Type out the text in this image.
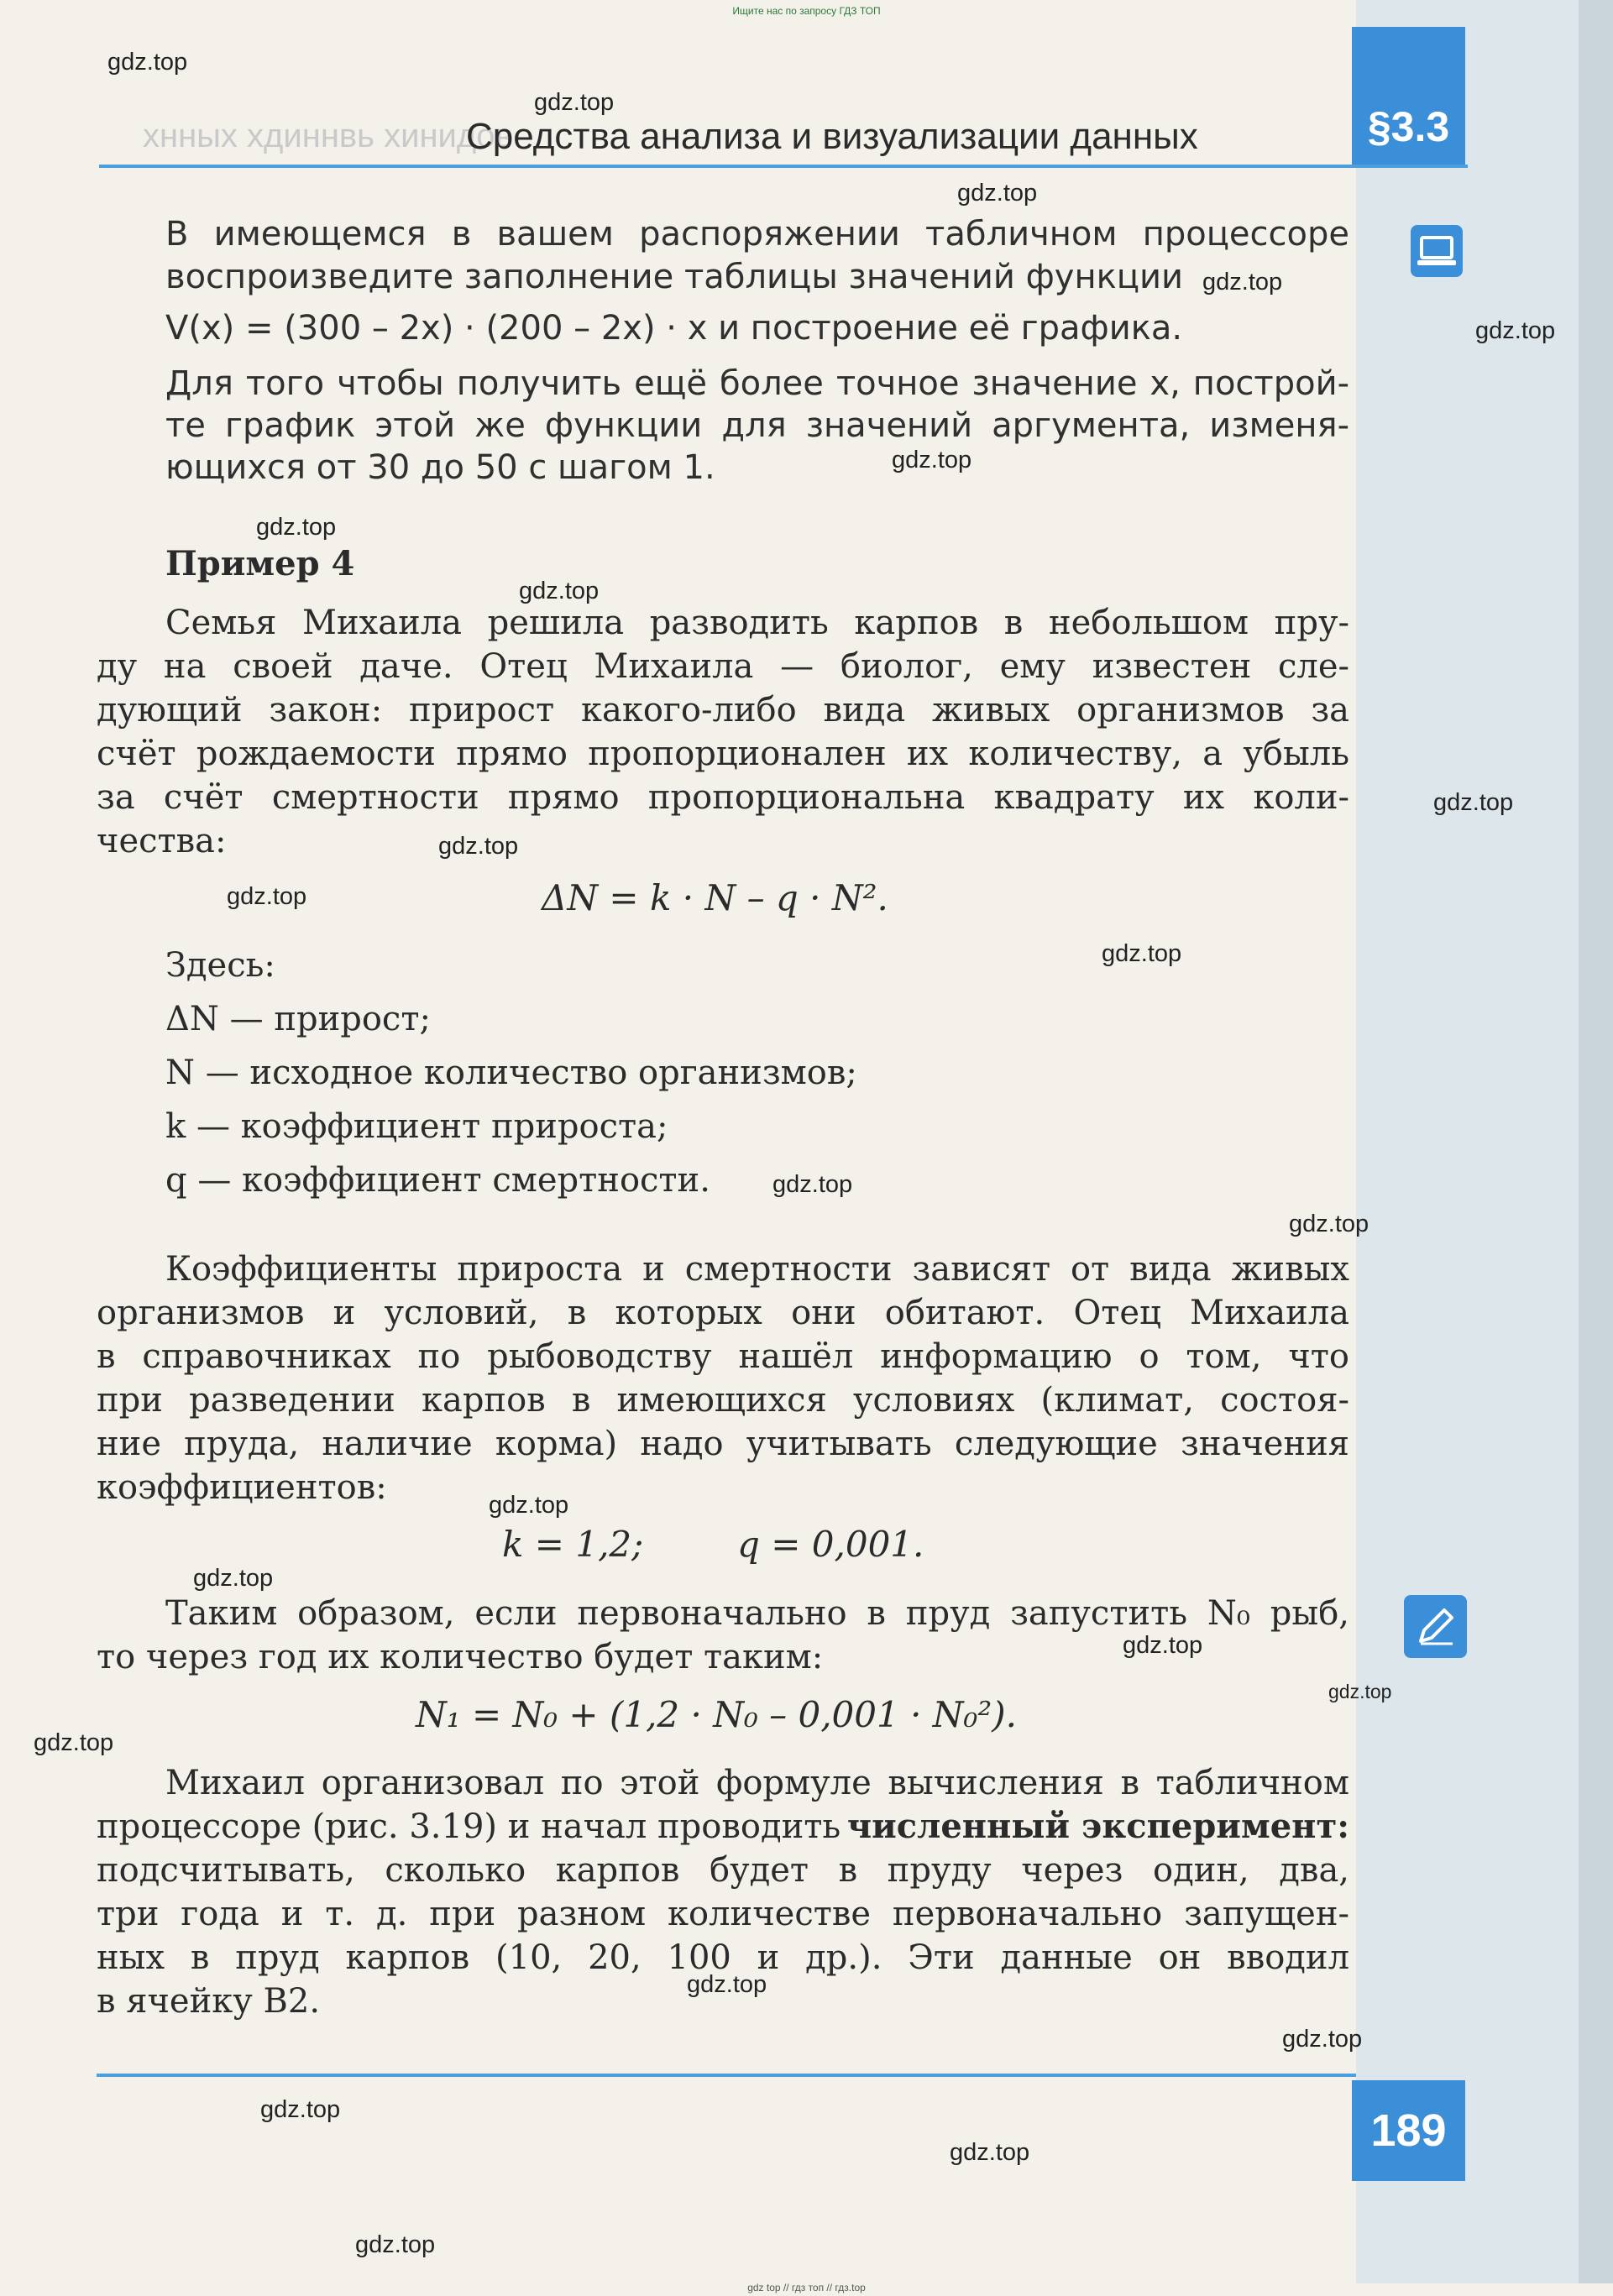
Ищите нас по запросу ГДЗ ТОП
хнных хдиннвь хинидов
Средства анализа и визуализации данных	§3.3
В имеющемся в вашем распоряжении табличном процессоре
воспроизведите заполнение таблицы значений функции
V(x) = (300 – 2x) · (200 – 2x) · x и построение её графика.
Для того чтобы получить ещё более точное значение x, построй-
те график этой же функции для значений аргумента, изменя-
ющихся от 30 до 50 с шагом 1.
Пример 4
Семья Михаила решила разводить карпов в небольшом пру-
ду на своей даче. Отец Михаила — биолог, ему известен сле-
дующий закон: прирост какого-либо вида живых организмов за
счёт рождаемости прямо пропорционален их количеству, а убыль
за счёт смертности прямо пропорциональна квадрату их коли-
чества:
ΔN = k · N – q · N².
Здесь:
ΔN — прирост;
N — исходное количество организмов;
k — коэффициент прироста;
q — коэффициент смертности.
Коэффициенты прироста и смертности зависят от вида живых
организмов и условий, в которых они обитают. Отец Михаила
в справочниках по рыбоводству нашёл информацию о том, что
при разведении карпов в имеющихся условиях (климат, состоя-
ние пруда, наличие корма) надо учитывать следующие значения
коэффициентов:
k = 1,2;	q = 0,001.
Таким образом, если первоначально в пруд запустить N₀ рыб,
то через год их количество будет таким:
N₁ = N₀ + (1,2 · N₀ – 0,001 · N₀²).
Михаил организовал по этой формуле вычисления в табличном
процессоре (рис. 3.19) и начал проводить численный эксперимент:
подсчитывать, сколько карпов будет в пруду через один, два,
три года и т. д. при разном количестве первоначально запущен-
ных в пруд карпов (10, 20, 100 и др.). Эти данные он вводил
в ячейку B2.
189
gdz.top
gdz.top
gdz.top
gdz.top
gdz.top
gdz.top
gdz.top
gdz.top
gdz.top
gdz.top
gdz.top
gdz.top
gdz.top
gdz.top
gdz.top
gdz.top
gdz.top
gdz.top
gdz.top
gdz.top
gdz.top
gdz.top
gdz.top
gdz.top
gdz top // гдз топ // гдз.top
